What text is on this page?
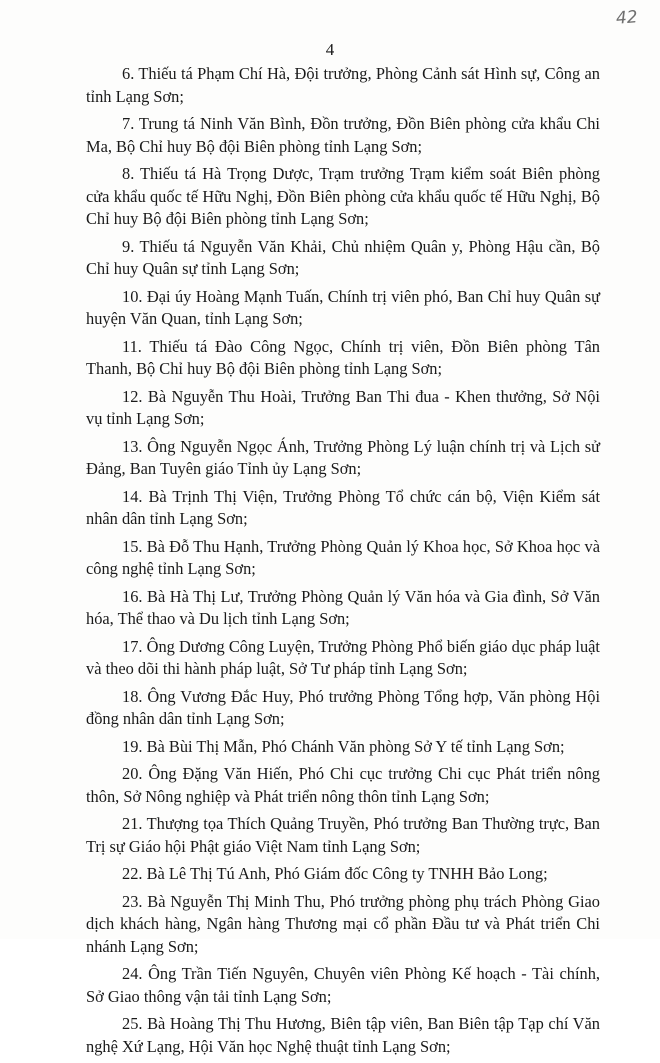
42
4

6. Thiếu tá Phạm Chí Hà, Đội trưởng, Phòng Cảnh sát Hình sự, Công an tỉnh Lạng Sơn;

7. Trung tá Ninh Văn Bình, Đồn trưởng, Đồn Biên phòng cửa khẩu Chi Ma, Bộ Chỉ huy Bộ đội Biên phòng tỉnh Lạng Sơn;

8. Thiếu tá Hà Trọng Dược, Trạm trưởng Trạm kiểm soát Biên phòng cửa khẩu quốc tế Hữu Nghị, Đồn Biên phòng cửa khẩu quốc tế Hữu Nghị, Bộ Chỉ huy Bộ đội Biên phòng tỉnh Lạng Sơn;

9. Thiếu tá Nguyễn Văn Khải, Chủ nhiệm Quân y, Phòng Hậu cần, Bộ Chỉ huy Quân sự tỉnh Lạng Sơn;

10. Đại úy Hoàng Mạnh Tuấn, Chính trị viên phó, Ban Chỉ huy Quân sự huyện Văn Quan, tỉnh Lạng Sơn;

11. Thiếu tá Đào Công Ngọc, Chính trị viên, Đồn Biên phòng Tân Thanh, Bộ Chỉ huy Bộ đội Biên phòng tỉnh Lạng Sơn;

12. Bà Nguyễn Thu Hoài, Trưởng Ban Thi đua - Khen thưởng, Sở Nội vụ tỉnh Lạng Sơn;

13. Ông Nguyễn Ngọc Ánh, Trưởng Phòng Lý luận chính trị và Lịch sử Đảng, Ban Tuyên giáo Tỉnh ủy Lạng Sơn;

14. Bà Trịnh Thị Viện, Trưởng Phòng Tổ chức cán bộ, Viện Kiểm sát nhân dân tỉnh Lạng Sơn;

15. Bà Đỗ Thu Hạnh, Trưởng Phòng Quản lý Khoa học, Sở Khoa học và công nghệ tỉnh Lạng Sơn;

16. Bà Hà Thị Lư, Trưởng Phòng Quản lý Văn hóa và Gia đình, Sở Văn hóa, Thể thao và Du lịch tỉnh Lạng Sơn;

17. Ông Dương Công Luyện, Trưởng Phòng Phổ biến giáo dục pháp luật và theo dõi thi hành pháp luật, Sở Tư pháp tỉnh Lạng Sơn;

18. Ông Vương Đắc Huy, Phó trưởng Phòng Tổng hợp, Văn phòng Hội đồng nhân dân tỉnh Lạng Sơn;

19. Bà Bùi Thị Mẫn, Phó Chánh Văn phòng Sở Y tế tỉnh Lạng Sơn;

20. Ông Đặng Văn Hiến, Phó Chi cục trưởng Chi cục Phát triển nông thôn, Sở Nông nghiệp và Phát triển nông thôn tỉnh Lạng Sơn;

21. Thượng tọa Thích Quảng Truyền, Phó trưởng Ban Thường trực, Ban Trị sự Giáo hội Phật giáo Việt Nam tỉnh Lạng Sơn;

22. Bà Lê Thị Tú Anh, Phó Giám đốc Công ty TNHH Bảo Long;

23. Bà Nguyễn Thị Minh Thu, Phó trưởng phòng phụ trách Phòng Giao dịch khách hàng, Ngân hàng Thương mại cổ phần Đầu tư và Phát triển Chi nhánh Lạng Sơn;

24. Ông Trần Tiến Nguyên, Chuyên viên Phòng Kế hoạch - Tài chính, Sở Giao thông vận tải tỉnh Lạng Sơn;

25. Bà Hoàng Thị Thu Hương, Biên tập viên, Ban Biên tập Tạp chí Văn nghệ Xứ Lạng, Hội Văn học Nghệ thuật tỉnh Lạng Sơn;
